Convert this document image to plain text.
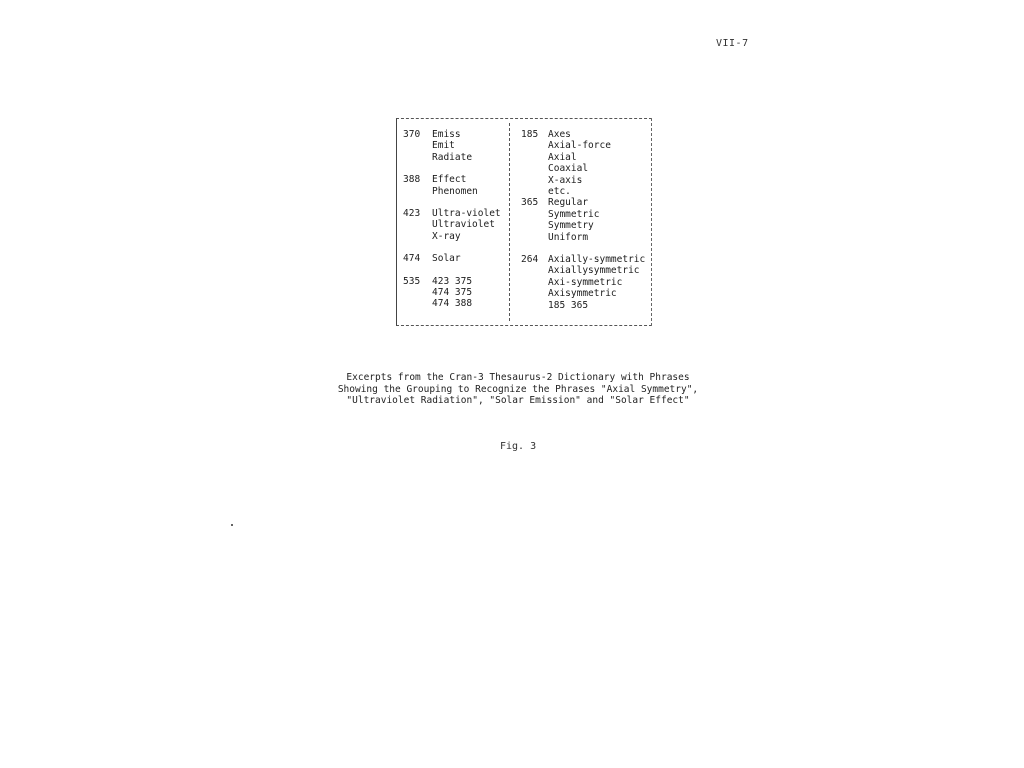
VII-7
370	Emiss
Emit
Radiate
388	Effect
Phenomen
423	Ultra-violet
Ultraviolet
X-ray
474	Solar
535	423 375
474 375
474 388
185	Axes
Axial-force
Axial
Coaxial
X-axis
etc.
365	Regular
Symmetric
Symmetry
Uniform
264	Axially-symmetric
Axiallysymmetric
Axi-symmetric
Axisymmetric
185 365
Excerpts from the Cran-3 Thesaurus-2 Dictionary with Phrases
Showing the Grouping to Recognize the Phrases "Axial Symmetry",
"Ultraviolet Radiation", "Solar Emission" and "Solar Effect"
Fig. 3
